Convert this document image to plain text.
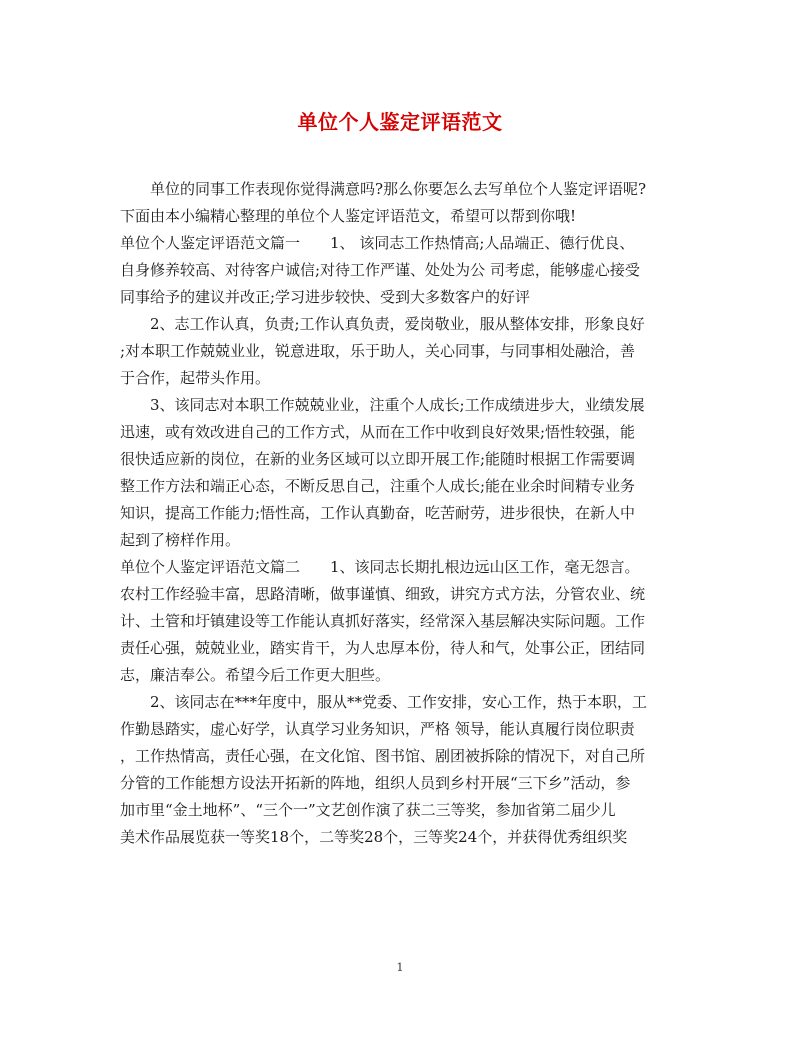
单位个人鉴定评语范文
　　单位的同事工作表现你觉得满意吗?那么你要怎么去写单位个人鉴定评语呢?
下面由本小编精心整理的单位个人鉴定评语范文，希望可以帮到你哦!
单位个人鉴定评语范文篇一　　1、 该同志工作热情高;人品端正、德行优良、
自身修养较高、对待客户诚信;对待工作严谨、处处为公 司考虑，能够虚心接受
同事给予的建议并改正;学习进步较快、受到大多数客户的好评
　　2、志工作认真，负责;工作认真负责，爱岗敬业，服从整体安排，形象良好
;对本职工作兢兢业业，锐意进取，乐于助人，关心同事，与同事相处融洽，善
于合作，起带头作用。
　　3、该同志对本职工作兢兢业业，注重个人成长;工作成绩进步大，业绩发展
迅速，或有效改进自己的工作方式，从而在工作中收到良好效果;悟性较强，能
很快适应新的岗位，在新的业务区域可以立即开展工作;能随时根据工作需要调
整工作方法和端正心态，不断反思自己，注重个人成长;能在业余时间精专业务
知识，提高工作能力;悟性高，工作认真勤奋，吃苦耐劳，进步很快，在新人中
起到了榜样作用。
单位个人鉴定评语范文篇二　　1、该同志长期扎根边远山区工作，毫无怨言。
农村工作经验丰富，思路清晰，做事谨慎、细致，讲究方式方法，分管农业、统
计、土管和圩镇建设等工作能认真抓好落实，经常深入基层解决实际问题。工作
责任心强，兢兢业业，踏实肯干，为人忠厚本份，待人和气，处事公正，团结同
志，廉洁奉公。希望今后工作更大胆些。
　　2、该同志在***年度中，服从**党委、工作安排，安心工作，热于本职，工
作勤恳踏实，虚心好学，认真学习业务知识，严格 领导，能认真履行岗位职责
，工作热情高，责任心强，在文化馆、图书馆、剧团被拆除的情况下，对自己所
分管的工作能想方设法开拓新的阵地，组织人员到乡村开展“三下乡”活动，参
加市里“金土地杯”、“三个一”文艺创作演了获二三等奖，参加省第二届少儿
美术作品展览获一等奖18个，二等奖28个，三等奖24个，并获得优秀组织奖
1
